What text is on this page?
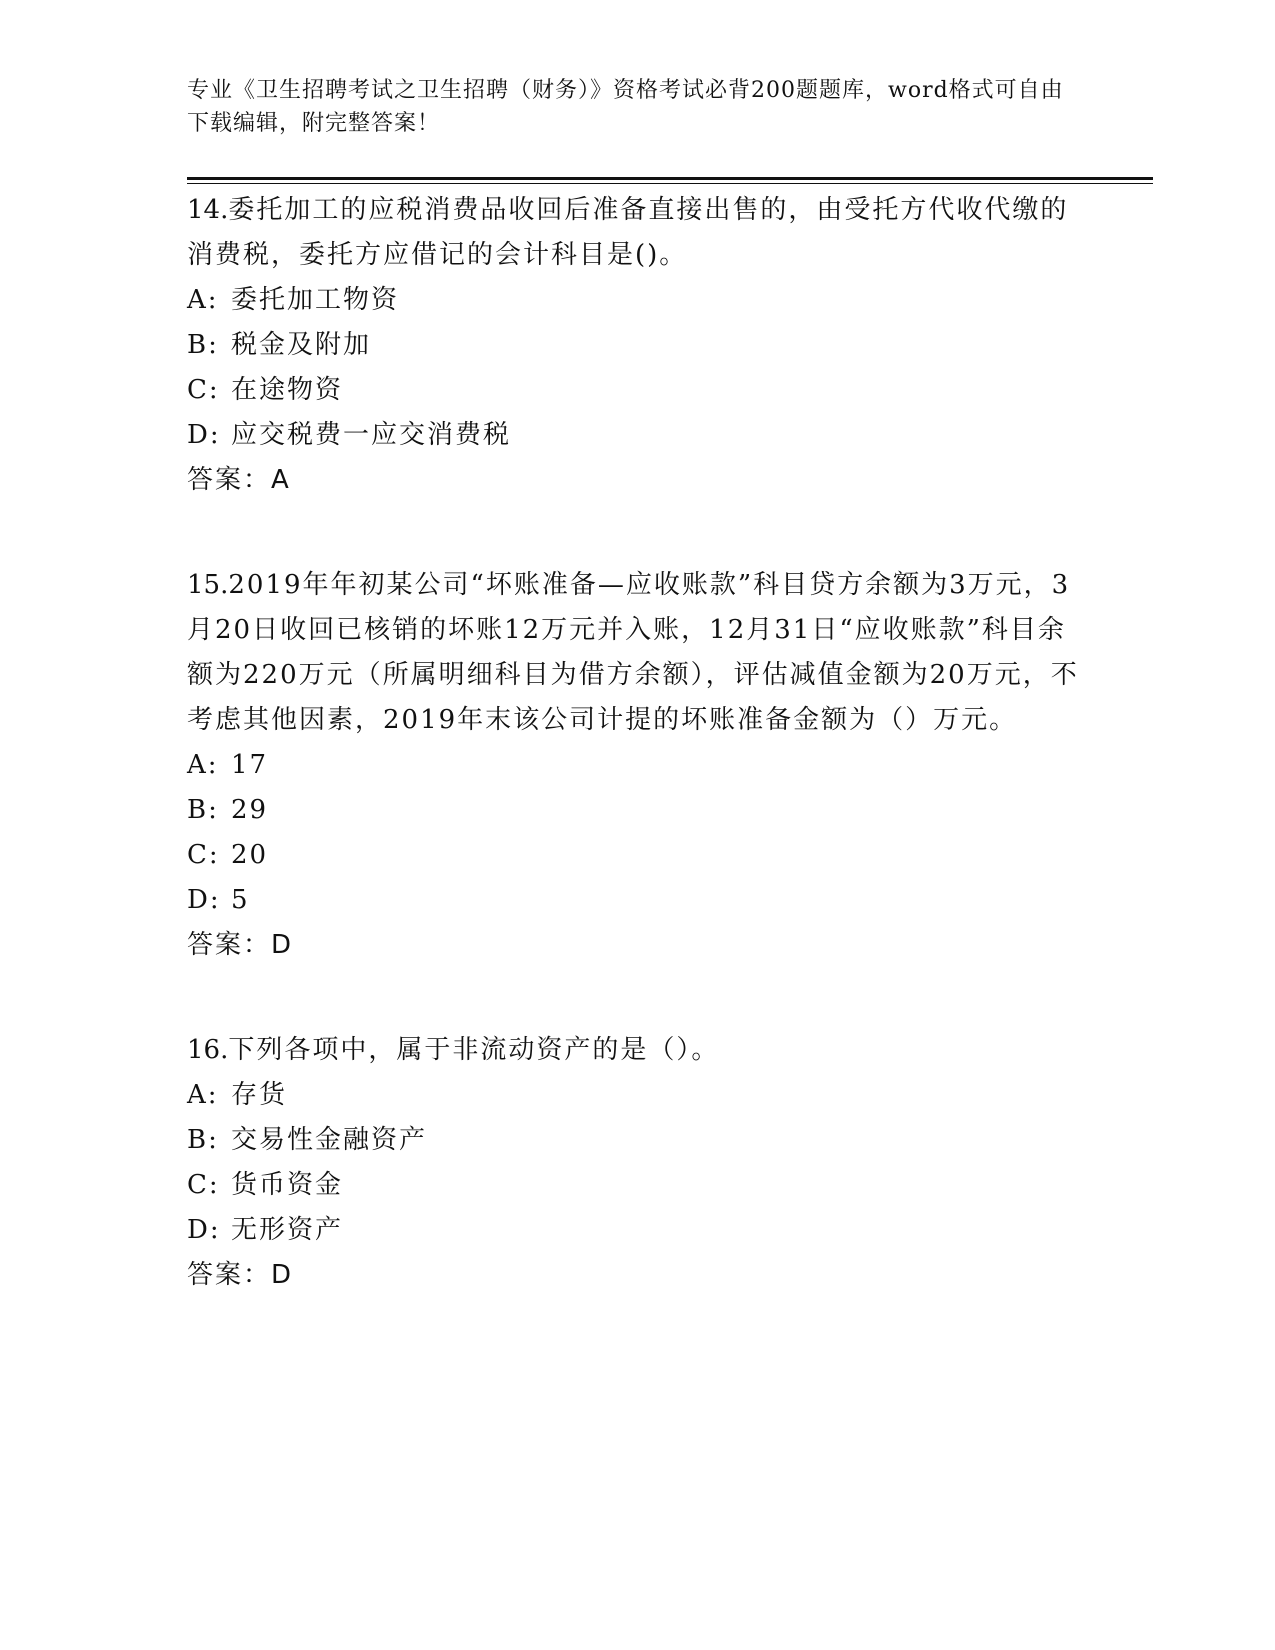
专业《卫生招聘考试之卫生招聘（财务）》资格考试必背200题题库，word格式可自由下载编辑，附完整答案！
14.委托加工的应税消费品收回后准备直接出售的，由受托方代收代缴的消费税，委托方应借记的会计科目是()。
A: 委托加工物资
B: 税金及附加
C: 在途物资
D: 应交税费一应交消费税
答案：A
15.2019年年初某公司“坏账准备—应收账款”科目贷方余额为3万元，3月20日收回已核销的坏账12万元并入账，12月31日“应收账款”科目余额为220万元（所属明细科目为借方余额），评估减值金额为20万元，不考虑其他因素，2019年末该公司计提的坏账准备金额为（）万元。
A: 17
B: 29
C: 20
D: 5
答案：D
16.下列各项中，属于非流动资产的是（）。
A: 存货
B: 交易性金融资产
C: 货币资金
D: 无形资产
答案：D
